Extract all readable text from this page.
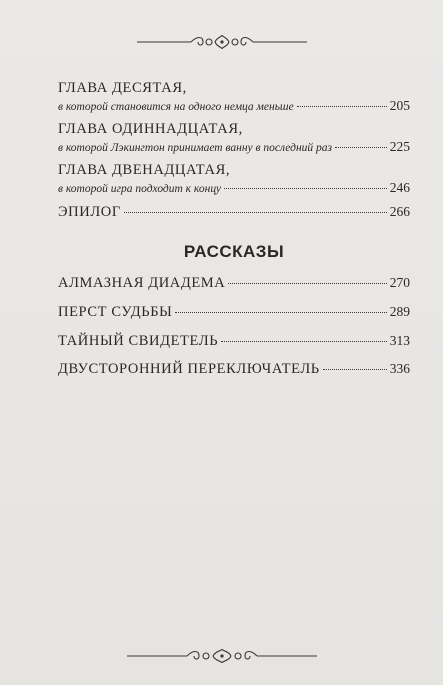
ГЛАВА ДЕСЯТАЯ,
в которой становится на одного немца меньше	205
ГЛАВА ОДИННАДЦАТАЯ,
в которой Лэкингтон принимает ванну в последний раз	225
ГЛАВА ДВЕНАДЦАТАЯ,
в которой игра подходит к концу	246
ЭПИЛОГ	266
РАССКАЗЫ
АЛМАЗНАЯ ДИАДЕМА	270
ПЕРСТ СУДЬБЫ	289
ТАЙНЫЙ СВИДЕТЕЛЬ	313
ДВУСТОРОННИЙ ПЕРЕКЛЮЧАТЕЛЬ	336
